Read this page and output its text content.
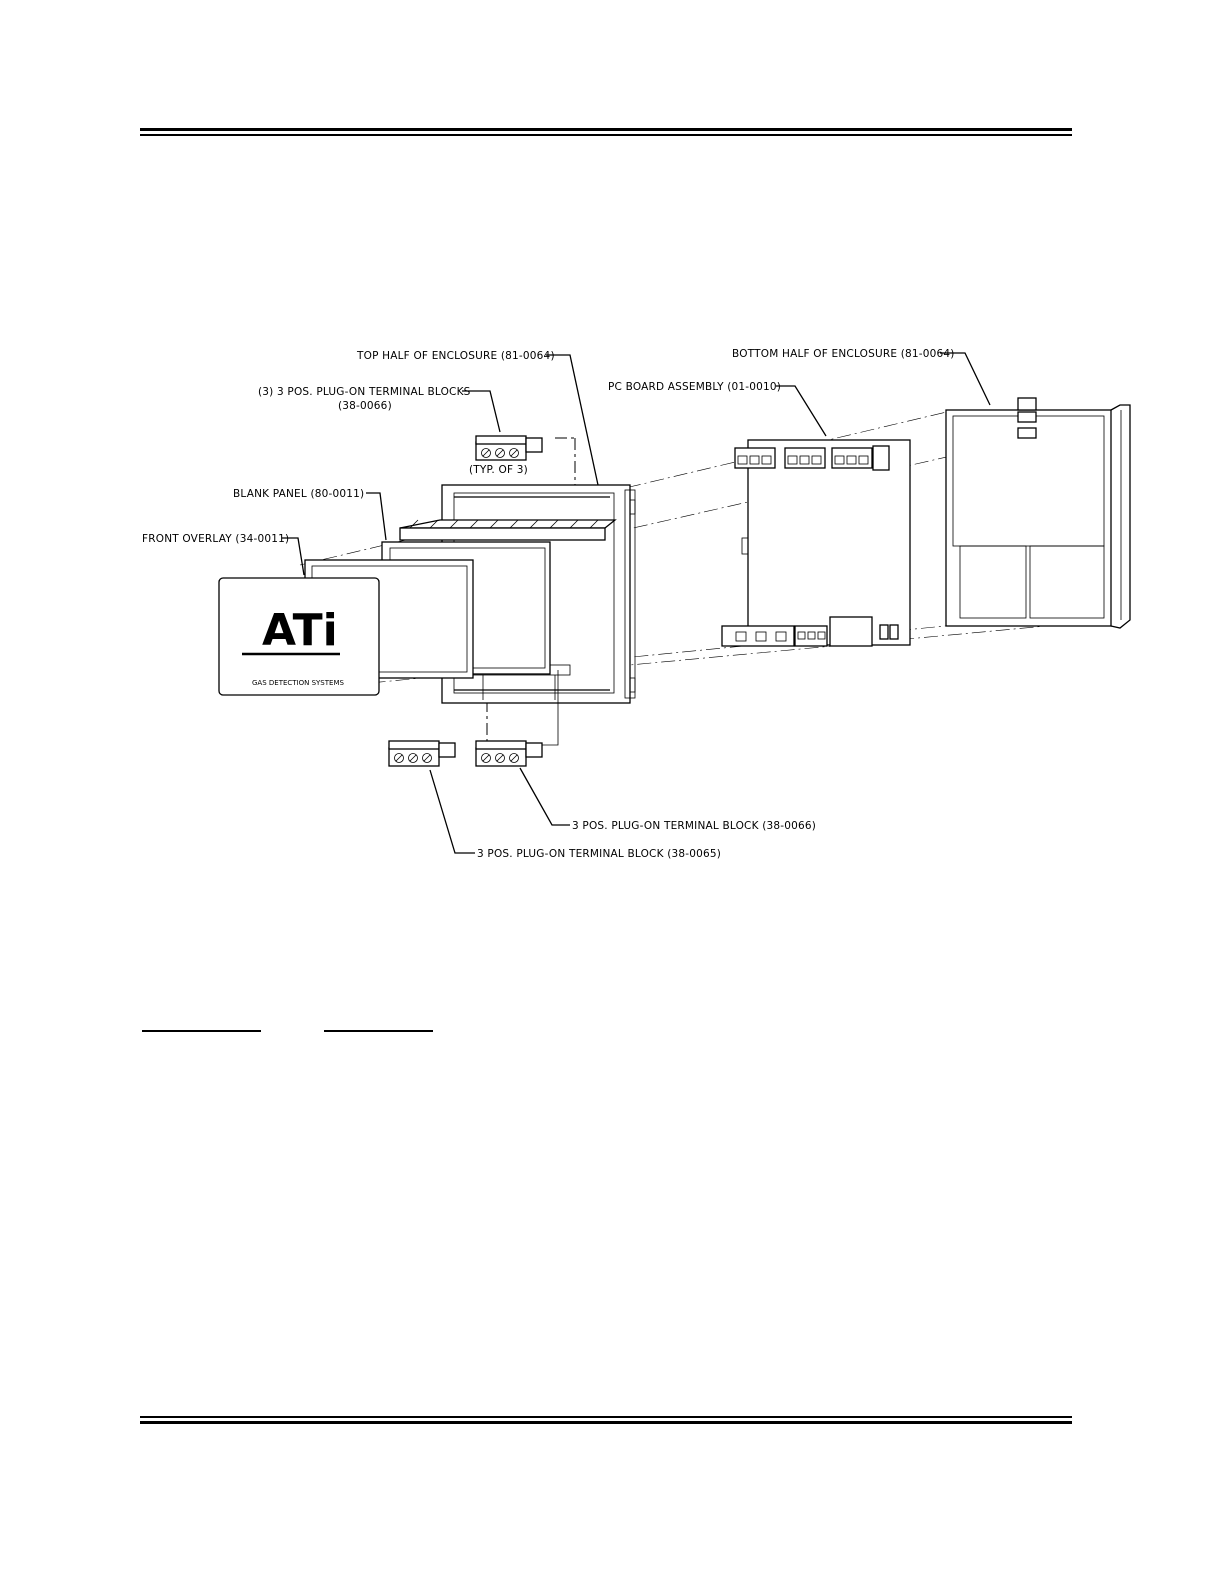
ATi
GAS DETECTION SYSTEMS
TOP HALF OF ENCLOSURE (81-0064)	BOTTOM HALF OF ENCLOSURE (81-0064)
(3) 3 POS. PLUG-ON TERMINAL BLOCKS
(38-0066)
PC BOARD ASSEMBLY (01-0010)
(TYP. OF 3)
BLANK PANEL (80-0011)
FRONT OVERLAY (34-0011)
3 POS. PLUG-ON TERMINAL BLOCK (38-0066)
3 POS. PLUG-ON TERMINAL BLOCK (38-0065)
